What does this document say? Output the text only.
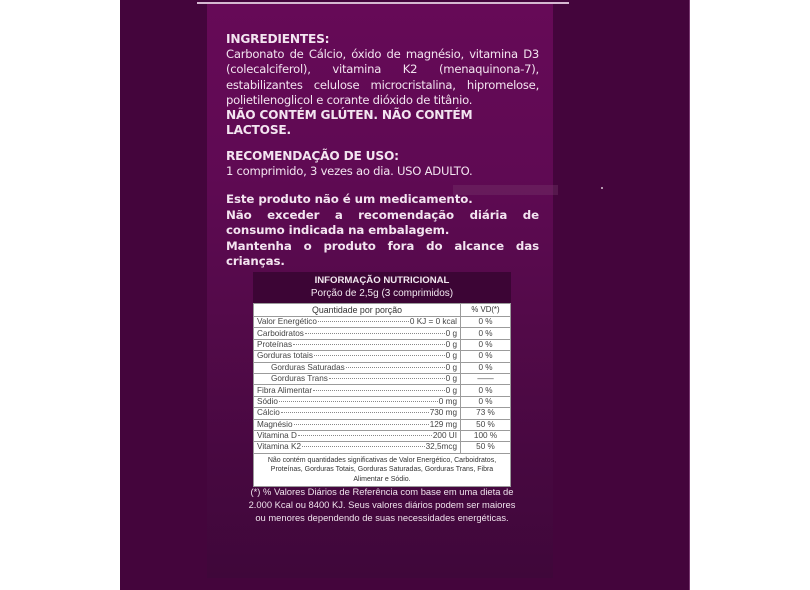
INGREDIENTES:

Carbonato de Cálcio, óxido de magnésio, vitamina D3 (colecalciferol), vitamina K2 (menaquinona-7), estabilizantes celulose microcristalina, hipromelose, polietilenoglicol e corante dióxido de titânio.

NÃO CONTÉM GLÚTEN. NÃO CONTÉM LACTOSE.

RECOMENDAÇÃO DE USO:

1 comprimido, 3 vezes ao dia. USO ADULTO.

Este produto não é um medicamento.

Não exceder a recomendação diária de consumo indicada na embalagem.

Mantenha o produto fora do alcance das crianças.

INFORMAÇÃO NUTRICIONAL
Porção de 2,5g (3 comprimidos)
Quantidade por porção	% VD(*)

Valor Energético 0 KJ = 0 kcal	0 %

Carboidratos 0 g	0 %

Proteínas 0 g	0 %

Gorduras totais 0 g	0 %

Gorduras Saturadas 0 g	0 %

Gorduras Trans 0 g	——

Fibra Alimentar 0 g	0 %

Sódio 0 mg	0 %

Cálcio 730 mg	73 %

Magnésio 129 mg	50 %

Vitamina D 200 UI	100 %

Vitamina K2 32,5mcg	50 %
Não contém quantidades significativas de Valor Energético, Carboidratos, Proteínas, Gorduras Totais, Gorduras Saturadas, Gorduras Trans, Fibra Alimentar e Sódio.	
(*) % Valores Diários de Referência com base em uma dieta de 2.000 Kcal ou 8400 KJ. Seus valores diários podem ser maiores ou menores dependendo de suas necessidades energéticas.
